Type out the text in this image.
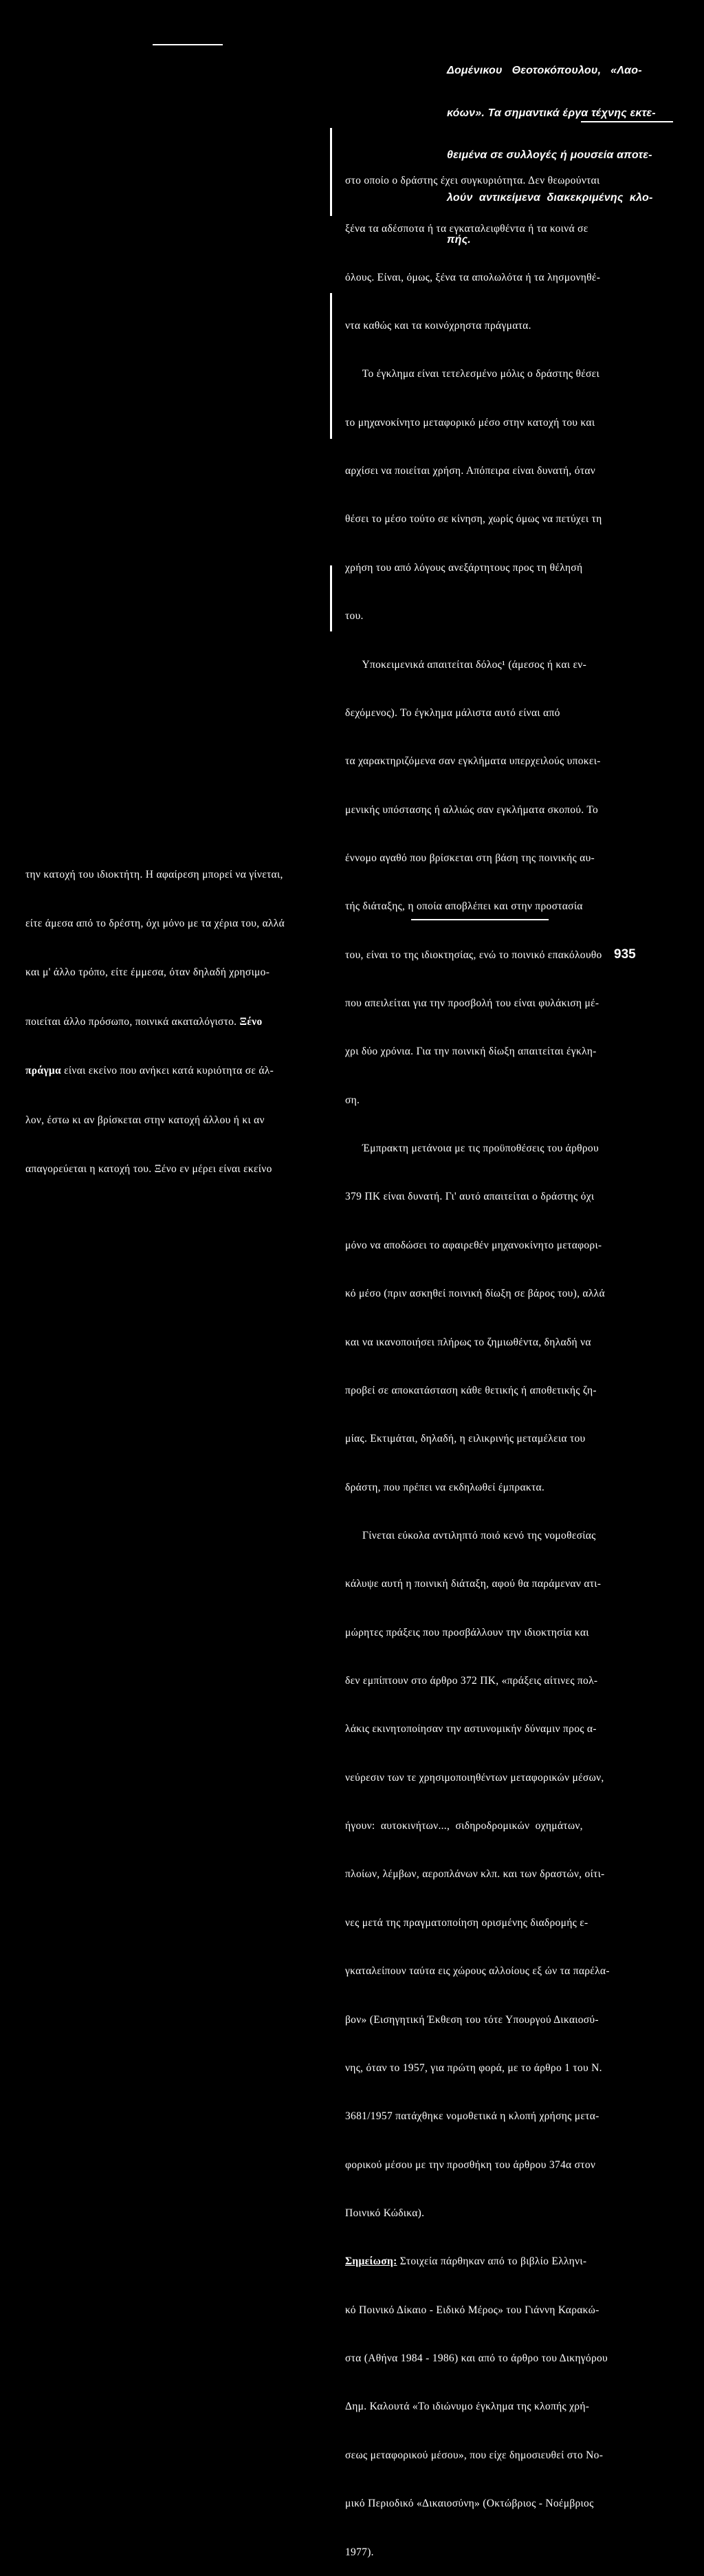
Δομένικου   Θεοτοκόπουλου,   «Λαο-

κόων». Τα σημαντικά έργα τέχνης εκτε-

θειμένα σε συλλογές ή μουσεία αποτε-

λούν  αντικείμενα  διακεκριμένης  κλο-

πής.

στο οποίο ο δράστης έχει συγκυριότητα. Δεν θεωρούνται

ξένα τα αδέσποτα ή τα εγκαταλειφθέντα ή τα κοινά σε

όλους. Είναι, όμως, ξένα τα απολωλότα ή τα λησμονηθέ-

ντα καθώς και τα κοινόχρηστα πράγματα.

Το έγκλημα είναι τετελεσμένο μόλις ο δράστης θέσει

το μηχανοκίνητο μεταφορικό μέσο στην κατοχή του και

αρχίσει να ποιείται χρήση. Απόπειρα είναι δυνατή, όταν

θέσει το μέσο τούτο σε κίνηση, χωρίς όμως να πετύχει τη

χρήση του από λόγους ανεξάρτητους προς τη θέλησή

του.

Υποκειμενικά απαιτείται δόλος¹ (άμεσος ή και εν-

δεχόμενος). Το έγκλημα μάλιστα αυτό είναι από

τα χαρακτηριζόμενα σαν εγκλήματα υπερχειλούς υποκει-

μενικής υπόστασης ή αλλιώς σαν εγκλήματα σκοπού. Το

έννομο αγαθό που βρίσκεται στη βάση της ποινικής αυ-

τής διάταξης, η οποία αποβλέπει και στην προστασία

του, είναι το της ιδιοκτησίας, ενώ το ποινικό επακόλουθο

που απειλείται για την προσβολή του είναι φυλάκιση μέ-

χρι δύο χρόνια. Για την ποινική δίωξη απαιτείται έγκλη-

ση.

Έμπρακτη μετάνοια με τις προϋποθέσεις του άρθρου

379 ΠΚ είναι δυνατή. Γι' αυτό απαιτείται ο δράστης όχι

μόνο να αποδώσει το αφαιρεθέν μηχανοκίνητο μεταφορι-

κό μέσο (πριν ασκηθεί ποινική δίωξη σε βάρος του), αλλά

και να ικανοποιήσει πλήρως το ζημιωθέντα, δηλαδή να

προβεί σε αποκατάσταση κάθε θετικής ή αποθετικής ζη-

μίας. Εκτιμάται, δηλαδή, η ειλικρινής μεταμέλεια του

δράστη, που πρέπει να εκδηλωθεί έμπρακτα.

Γίνεται εύκολα αντιληπτό ποιό κενό της νομοθεσίας

κάλυψε αυτή η ποινική διάταξη, αφού θα παράμεναν ατι-

μώρητες πράξεις που προσβάλλουν την ιδιοκτησία και

δεν εμπίπτουν στο άρθρο 372 ΠΚ, «πράξεις αίτινες πολ-

λάκις εκινητοποίησαν την αστυνομικήν δύναμιν προς α-

νεύρεσιν των τε χρησιμοποιηθέντων μεταφορικών μέσων,

ήγουν:  αυτοκινήτων...,  σιδηροδρομικών  οχημάτων,

πλοίων, λέμβων, αεροπλάνων κλπ. και των δραστών, οίτι-

νες μετά της πραγματοποίηση ορισμένης διαδρομής ε-

γκαταλείπουν ταύτα εις χώρους αλλοίους εξ ών τα παρέλα-

βον» (Εισηγητική Έκθεση του τότε Υπουργού Δικαιοσύ-

νης, όταν το 1957, για πρώτη φορά, με το άρθρο 1 του Ν.

3681/1957 πατάχθηκε νομοθετικά η κλοπή χρήσης μετα-

φορικού μέσου με την προσθήκη του άρθρου 374α στον

Ποινικό Κώδικα).

Σημείωση: Στοιχεία πάρθηκαν από το βιβλίο Ελληνι-

κό Ποινικό Δίκαιο - Ειδικό Μέρος» του Γιάννη Καρακώ-

στα (Αθήνα 1984 - 1986) και από το άρθρο του Δικηγόρου

Δημ. Καλουτά «Το ιδιώνυμο έγκλημα της κλοπής χρή-

σεως μεταφορικού μέσου», που είχε δημοσιευθεί στο Νο-

μικό Περιοδικό «Δικαιοσύνη» (Οκτώβριος - Νοέμβριος

1977).

την κατοχή του ιδιοκτήτη. Η αφαίρεση μπορεί να γίνεται,

είτε άμεσα από το δρέστη, όχι μόνο με τα χέρια του, αλλά

και μ' άλλο τρόπο, είτε έμμεσα, όταν δηλαδή χρησιμο-

ποιείται άλλο πρόσωπο, ποινικά ακαταλόγιστο. Ξένο

πράγμα είναι εκείνο που ανήκει κατά κυριότητα σε άλ-

λον, έστω κι αν βρίσκεται στην κατοχή άλλου ή κι αν

απαγορεύεται η κατοχή του. Ξένο εν μέρει είναι εκείνο

935
